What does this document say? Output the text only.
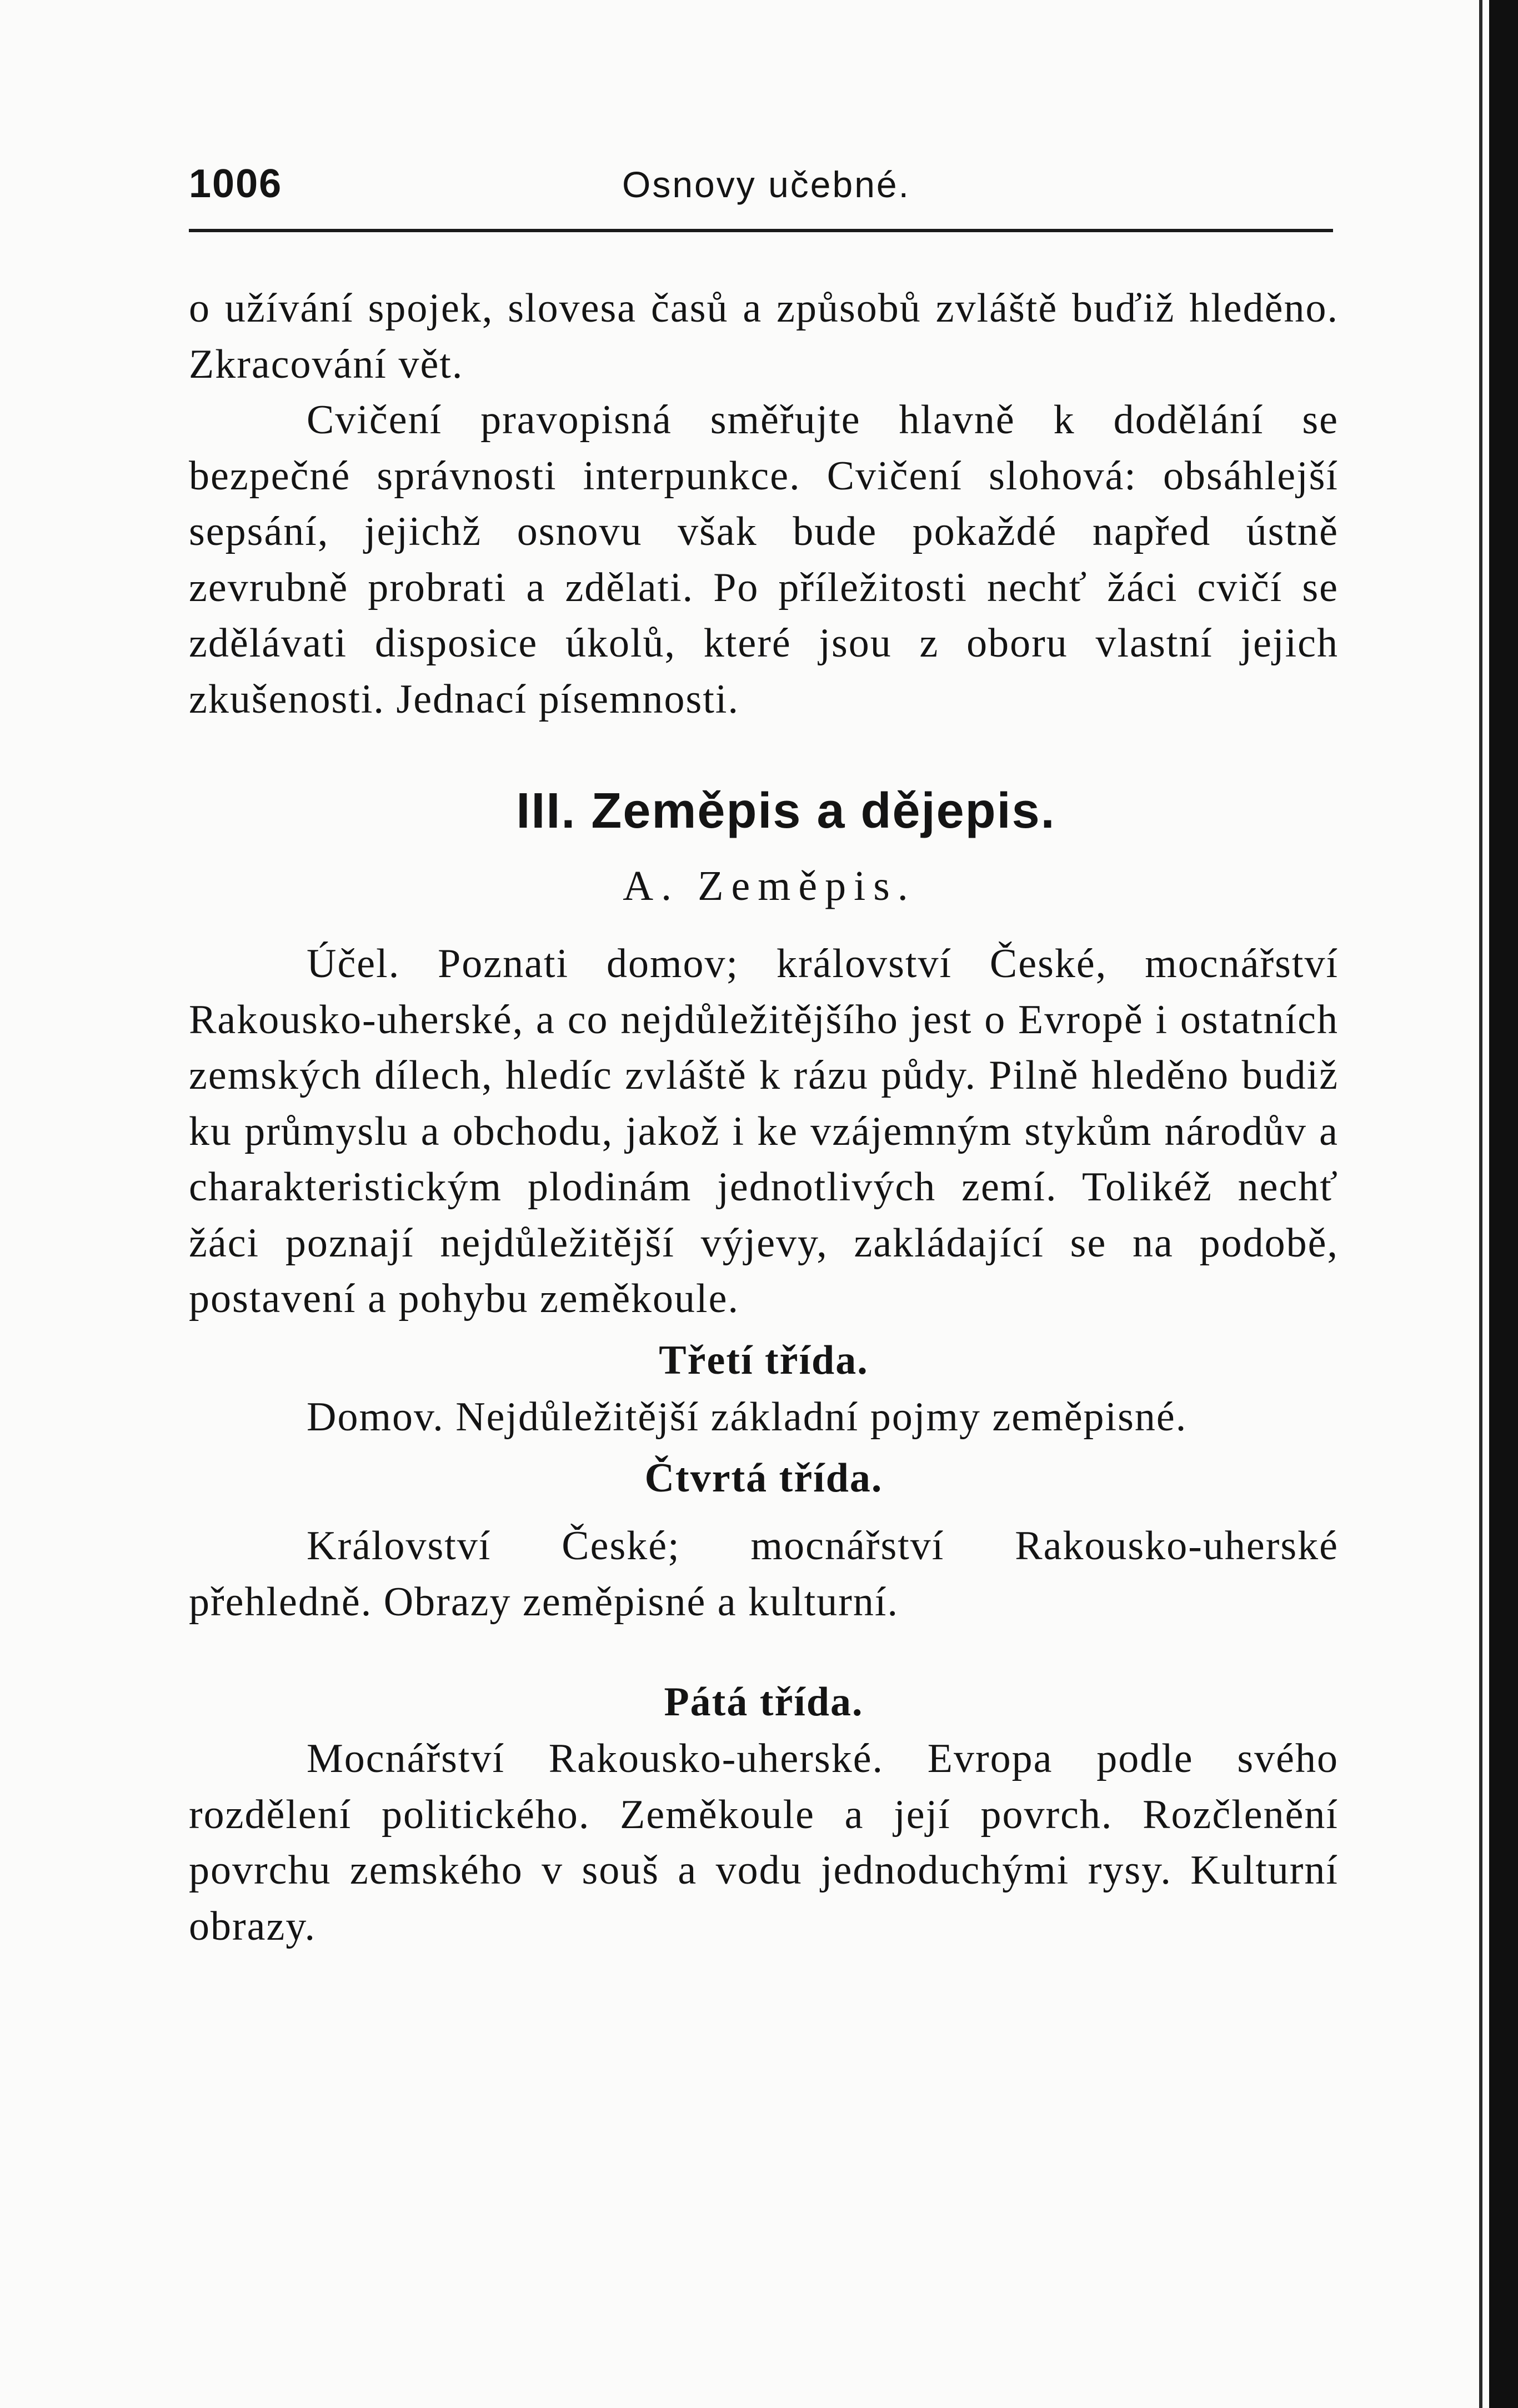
1006	Osnovy učebné.

o užívání spojek, slovesa časů a způsobů zvláště buďiž hleděno. Zkracování vět.

Cvičení pravopisná směřujte hlavně k dodělání se bezpečné správnosti interpunkce. Cvičení slohová: obsáhlejší sepsání, jejichž osnovu však bude pokaždé napřed ústně zevrubně probrati a zdělati. Po příležitosti nechť žáci cvičí se zdělávati disposice úkolů, které jsou z oboru vlastní jejich zkušenosti. Jednací písemnosti.

III. Zeměpis a dějepis.
A. Zeměpis.

Účel. Poznati domov; království České, mocnářství Rakousko-uherské, a co nejdůležitějšího jest o Evropě i ostatních zemských dílech, hledíc zvláště k rázu půdy. Pilně hleděno budiž ku průmyslu a obchodu, jakož i ke vzájemným stykům národův a charakteristickým plodinám jednotlivých zemí. Tolikéž nechť žáci poznají nejdůležitější výjevy, zakládající se na podobě, postavení a pohybu zeměkoule.

Třetí třída.

Domov. Nejdůležitější základní pojmy zeměpisné.

Čtvrtá třída.

Království České; mocnářství Rakousko-uherské přehledně. Obrazy zeměpisné a kulturní.

Pátá třída.

Mocnářství Rakousko-uherské. Evropa podle svého rozdělení politického. Zeměkoule a její povrch. Rozčlenění povrchu zemského v souš a vodu jednoduchými rysy. Kulturní obrazy.
